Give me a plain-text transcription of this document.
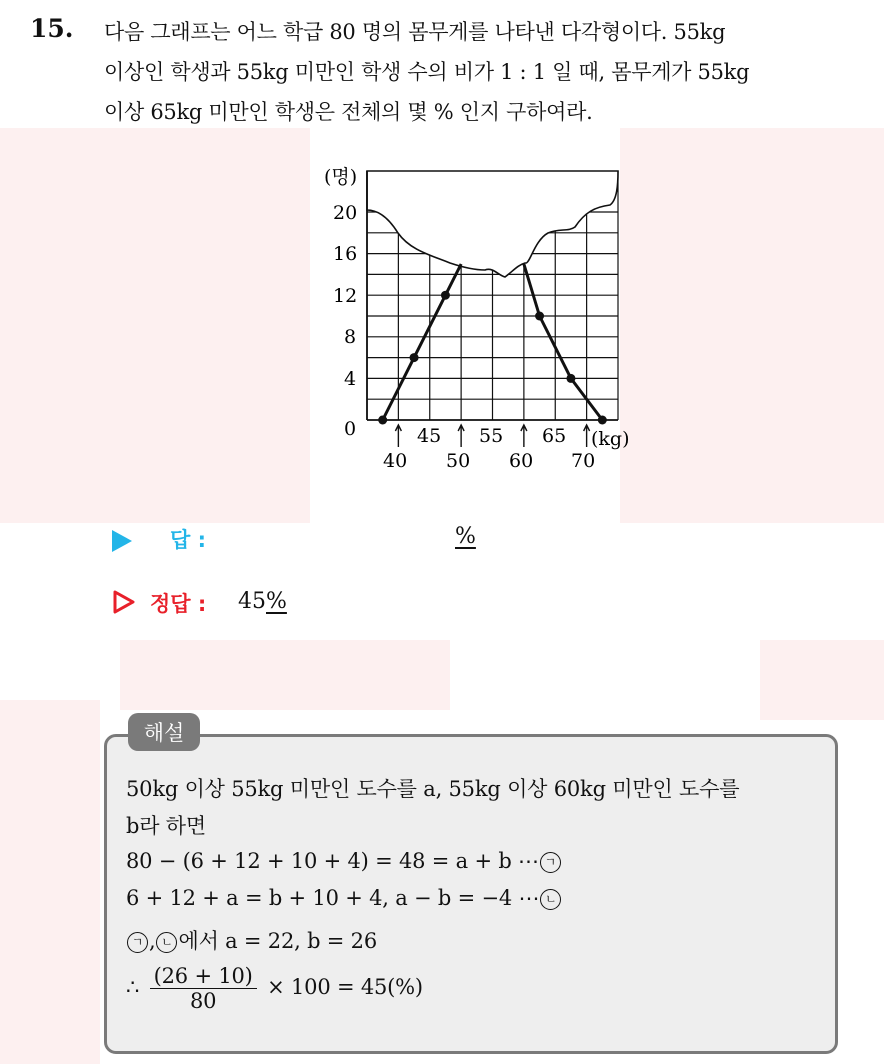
15. 다음 그래프는 어느 학급 80 명의 몸무게를 나타낸 다각형이다. 55kg
이상인 학생과 55kg 미만인 학생 수의 비가 1 : 1 일 때, 몸무게가 55kg
이상 65kg 미만인 학생은 전체의 몇 % 인지 구하여라.
(명)
(kg)
20
16
12
8
4
0	45 55 65
40 50 60 70
답 :	%
정답 : 45%
해설
50kg 이상 55kg 미만인 도수를 a, 55kg 이상 60kg 미만인 도수를
b라 하면
80 − (6 + 12 + 10 + 4) = 48 = a + b ⋯ ㄱ
6 + 12 + a = b + 10 + 4, a − b = −4 ⋯ ㄴ
ㄱ , ㄴ 에서 a = 22, b = 26
∴ $\frac{(26 + 10)}{80} \times 100 = 45(\%)$
